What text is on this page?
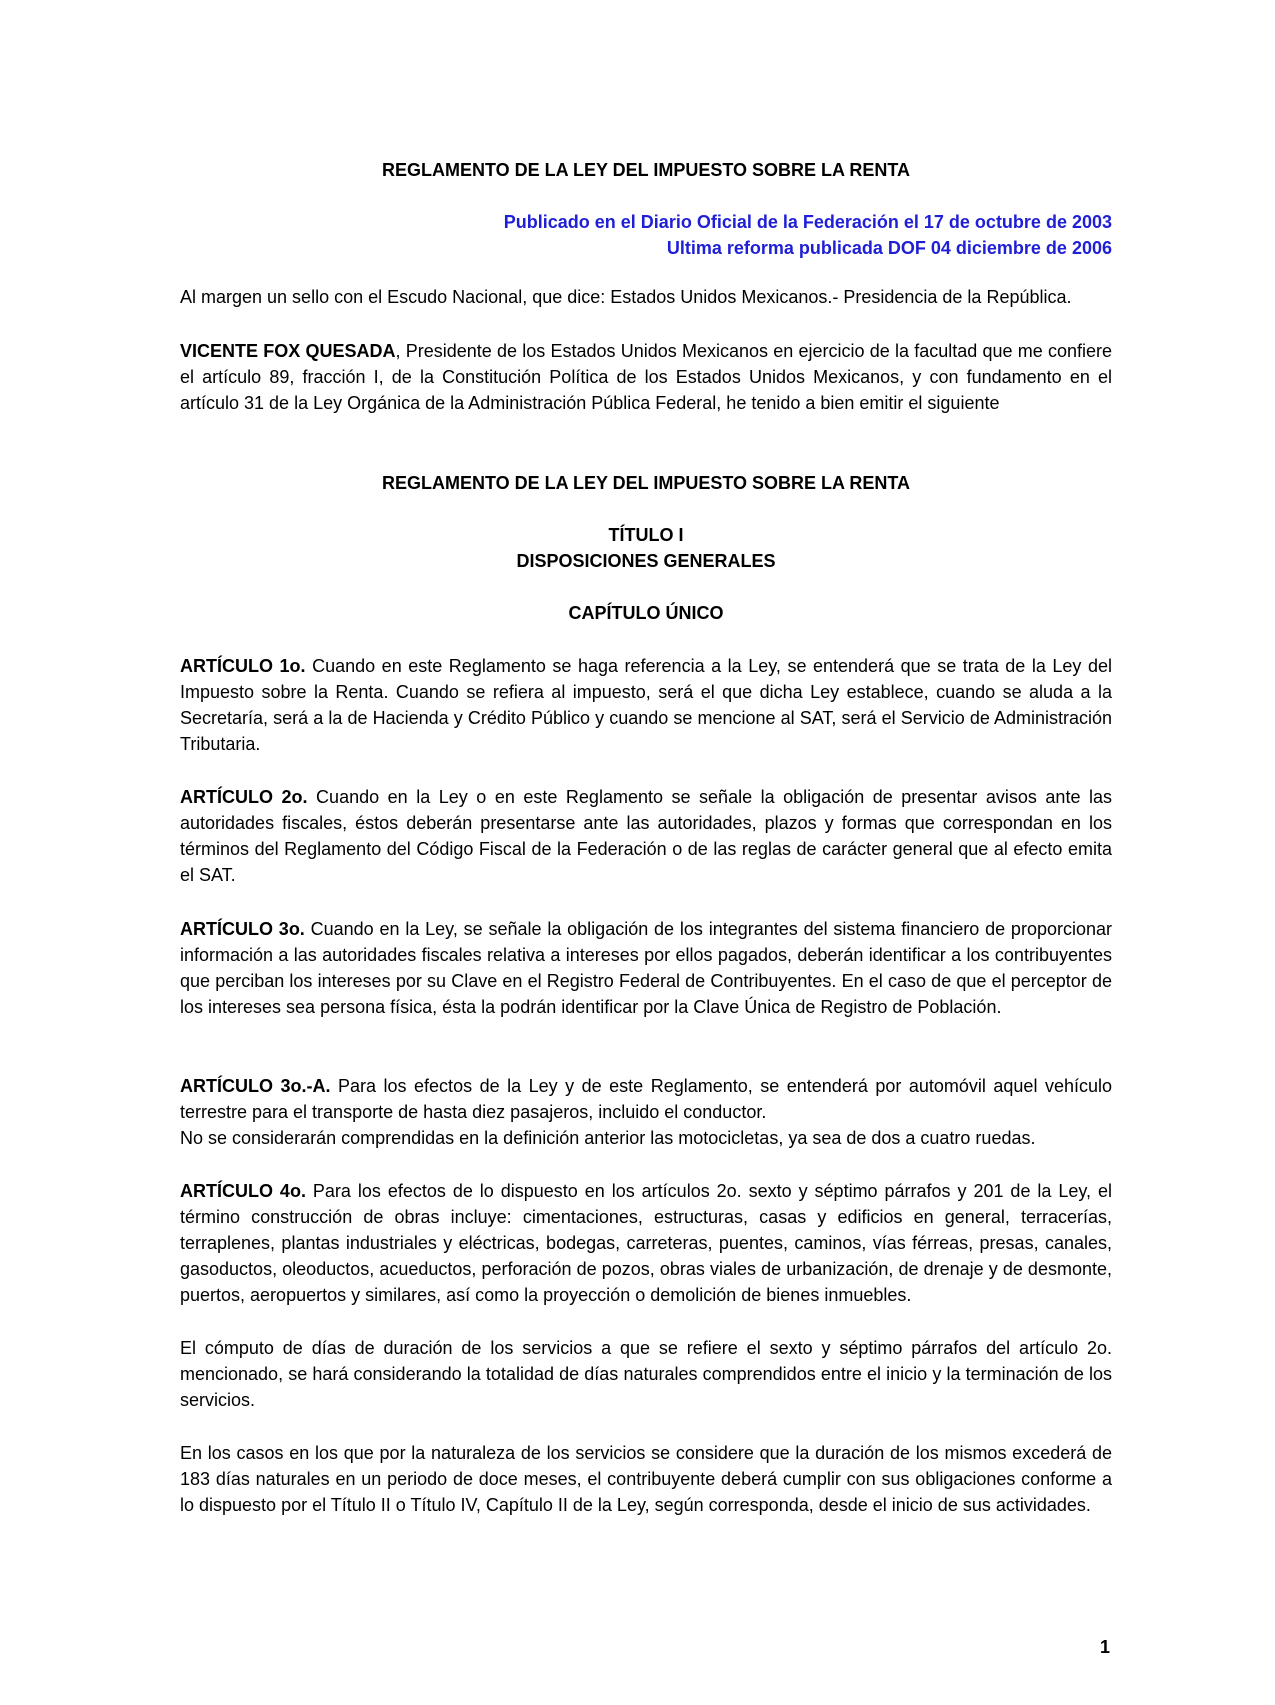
REGLAMENTO DE LA LEY DEL IMPUESTO SOBRE LA RENTA
Publicado en el Diario Oficial de la Federación el 17 de octubre de 2003
Ultima reforma publicada DOF 04 diciembre de 2006
Al margen un sello con el Escudo Nacional, que dice: Estados Unidos Mexicanos.- Presidencia de la República.
VICENTE FOX QUESADA, Presidente de los Estados Unidos Mexicanos en ejercicio de la facultad que me confiere el artículo 89, fracción I, de la Constitución Política de los Estados Unidos Mexicanos, y con fundamento en el artículo 31 de la Ley Orgánica de la Administración Pública Federal, he tenido a bien emitir el siguiente
REGLAMENTO DE LA LEY DEL IMPUESTO SOBRE LA RENTA
TÍTULO I
DISPOSICIONES GENERALES
CAPÍTULO ÚNICO
ARTÍCULO 1o. Cuando en este Reglamento se haga referencia a la Ley, se entenderá que se trata de la Ley del Impuesto sobre la Renta. Cuando se refiera al impuesto, será el que dicha Ley establece, cuando se aluda a la Secretaría, será a la de Hacienda y Crédito Público y cuando se mencione al SAT, será el Servicio de Administración Tributaria.
ARTÍCULO 2o. Cuando en la Ley o en este Reglamento se señale la obligación de presentar avisos ante las autoridades fiscales, éstos deberán presentarse ante las autoridades, plazos y formas que correspondan en los términos del Reglamento del Código Fiscal de la Federación o de las reglas de carácter general que al efecto emita el SAT.
ARTÍCULO 3o. Cuando en la Ley, se señale la obligación de los integrantes del sistema financiero de proporcionar información a las autoridades fiscales relativa a intereses por ellos pagados, deberán identificar a los contribuyentes que perciban los intereses por su Clave en el Registro Federal de Contribuyentes. En el caso de que el perceptor de los intereses sea persona física, ésta la podrán identificar por la Clave Única de Registro de Población.
ARTÍCULO 3o.-A. Para los efectos de la Ley y de este Reglamento, se entenderá por automóvil aquel vehículo terrestre para el transporte de hasta diez pasajeros, incluido el conductor.
No se considerarán comprendidas en la definición anterior las motocicletas, ya sea de dos a cuatro ruedas.
ARTÍCULO 4o. Para los efectos de lo dispuesto en los artículos 2o. sexto y séptimo párrafos y 201 de la Ley, el término construcción de obras incluye: cimentaciones, estructuras, casas y edificios en general, terracerías, terraplenes, plantas industriales y eléctricas, bodegas, carreteras, puentes, caminos, vías férreas, presas, canales, gasoductos, oleoductos, acueductos, perforación de pozos, obras viales de urbanización, de drenaje y de desmonte, puertos, aeropuertos y similares, así como la proyección o demolición de bienes inmuebles.
El cómputo de días de duración de los servicios a que se refiere el sexto y séptimo párrafos del artículo 2o. mencionado, se hará considerando la totalidad de días naturales comprendidos entre el inicio y la terminación de los servicios.
En los casos en los que por la naturaleza de los servicios se considere que la duración de los mismos excederá de 183 días naturales en un periodo de doce meses, el contribuyente deberá cumplir con sus obligaciones conforme a lo dispuesto por el Título II o Título IV, Capítulo II de la Ley, según corresponda, desde el inicio de sus actividades.
1
